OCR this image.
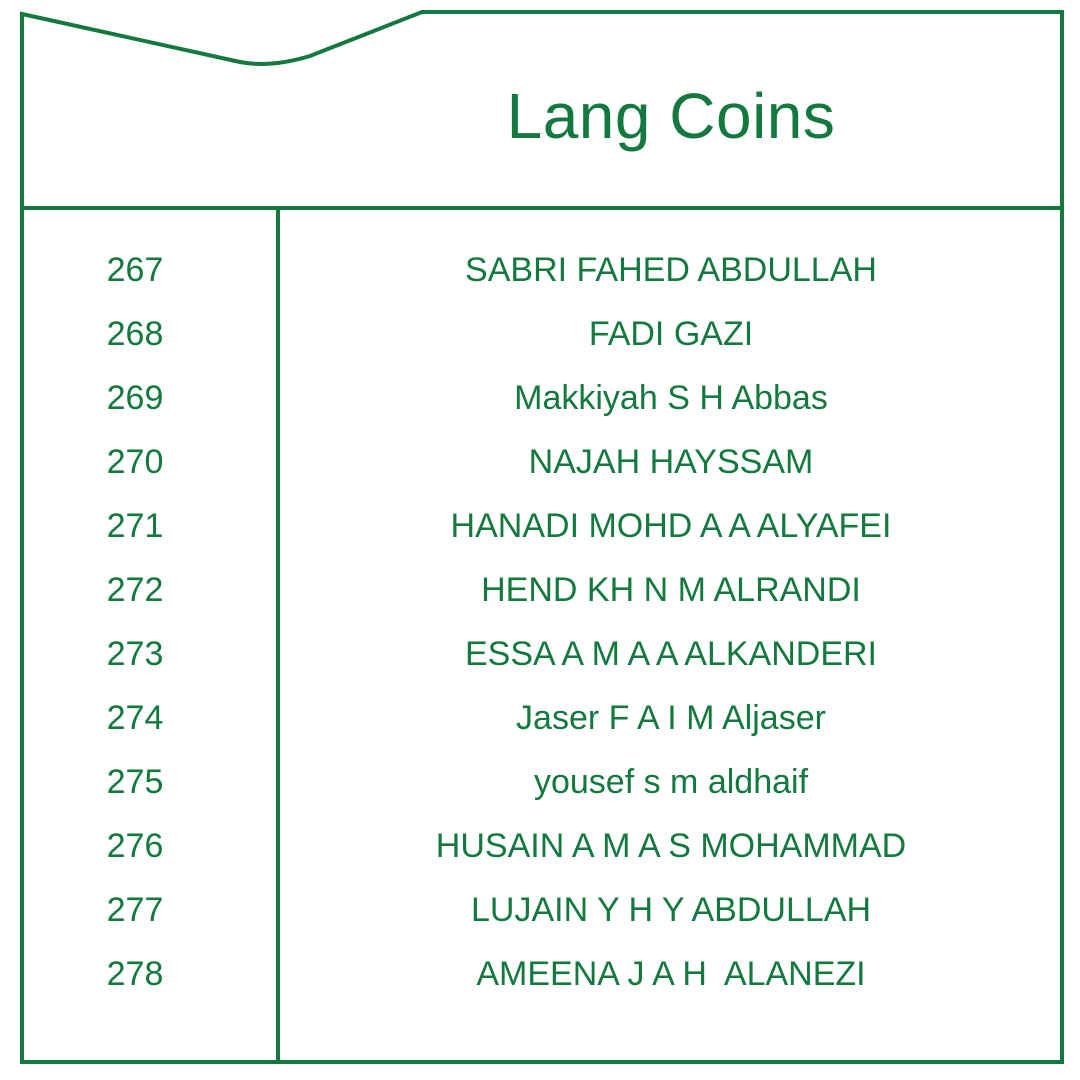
Lang Coins
267	SABRI FAHED ABDULLAH
268	FADI GAZI
269	Makkiyah S H Abbas
270	NAJAH HAYSSAM
271	HANADI MOHD A A ALYAFEI
272	HEND KH N M ALRANDI
273	ESSA A M A A ALKANDERI
274	Jaser F A I M Aljaser
275	yousef s m aldhaif
276	HUSAIN A M A S MOHAMMAD
277	LUJAIN Y H Y ABDULLAH
278	AMEENA J A H  ALANEZI
